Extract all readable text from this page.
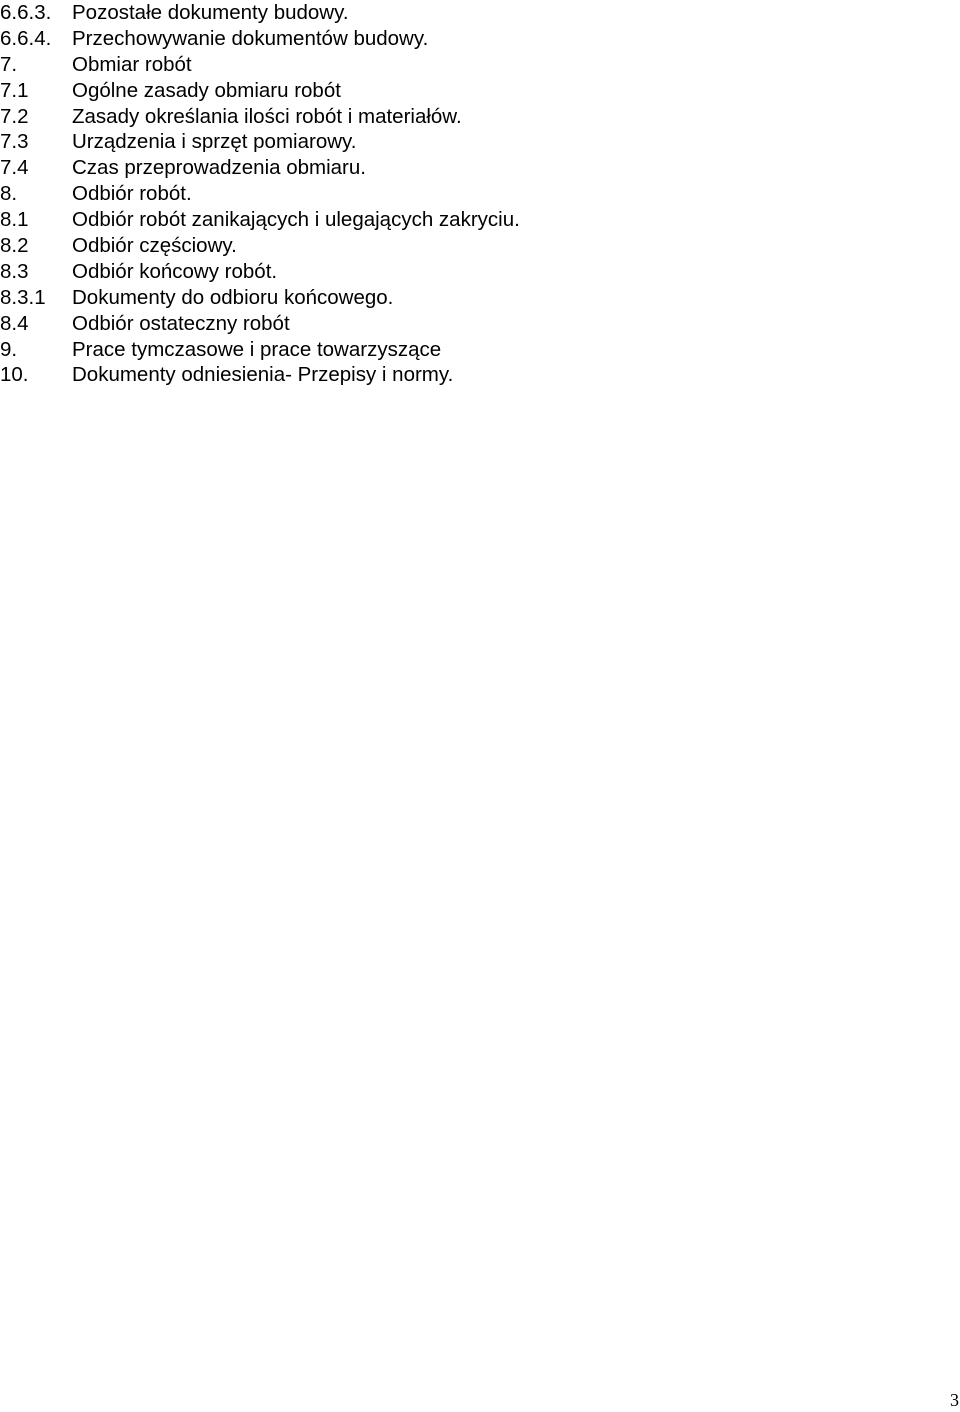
6.6.3.	Pozostałe dokumenty budowy.
6.6.4.	Przechowywanie dokumentów budowy.
7.	Obmiar robót
7.1	Ogólne zasady obmiaru robót
7.2	Zasady określania ilości robót i materiałów.
7.3	Urządzenia i sprzęt pomiarowy.
7.4	Czas przeprowadzenia obmiaru.
8.	Odbiór robót.
8.1	Odbiór robót zanikających i ulegających zakryciu.
8.2	Odbiór częściowy.
8.3	Odbiór końcowy robót.
8.3.1	Dokumenty do odbioru końcowego.
8.4	Odbiór ostateczny robót
9.	Prace tymczasowe i prace towarzyszące
10.	Dokumenty odniesienia- Przepisy i normy.
3
